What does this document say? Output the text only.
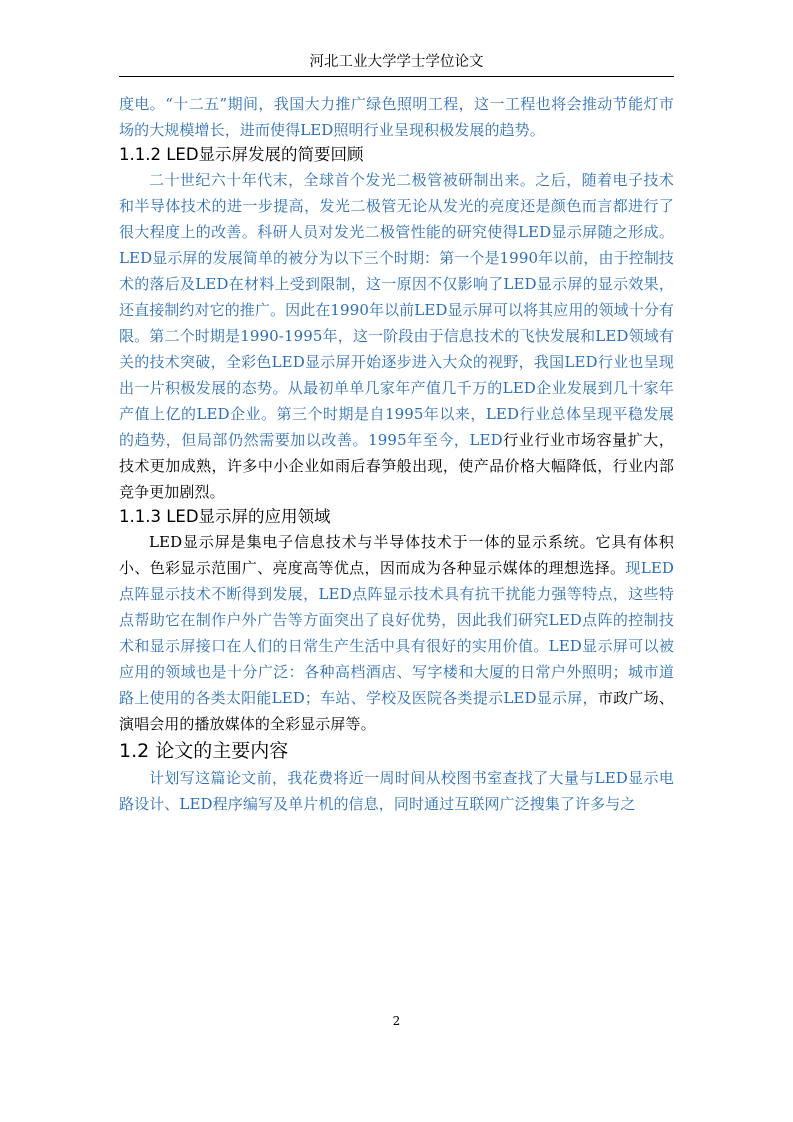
河北工业大学学士学位论文

度电。“十二五”期间，我国大力推广绿色照明工程，这一工程也将会推动节能灯市场的大规模增长，进而使得LED照明行业呈现积极发展的趋势。

1.1.2 LED显示屏发展的简要回顾

二十世纪六十年代末，全球首个发光二极管被研制出来。之后，随着电子技术和半导体技术的进一步提高，发光二极管无论从发光的亮度还是颜色而言都进行了很大程度上的改善。科研人员对发光二极管性能的研究使得LED显示屏随之形成。LED显示屏的发展简单的被分为以下三个时期：第一个是1990年以前，由于控制技术的落后及LED在材料上受到限制，这一原因不仅影响了LED显示屏的显示效果，还直接制约对它的推广。因此在1990年以前LED显示屏可以将其应用的领域十分有限。第二个时期是1990-1995年，这一阶段由于信息技术的飞快发展和LED领域有关的技术突破，全彩色LED显示屏开始逐步进入大众的视野，我国LED行业也呈现出一片积极发展的态势。从最初单单几家年产值几千万的LED企业发展到几十家年产值上亿的LED企业。第三个时期是自1995年以来，LED行业总体呈现平稳发展的趋势，但局部仍然需要加以改善。1995年至今，LED行业行业市场容量扩大，技术更加成熟，许多中小企业如雨后春笋般出现，使产品价格大幅降低，行业内部竞争更加剧烈。

1.1.3 LED显示屏的应用领域

LED显示屏是集电子信息技术与半导体技术于一体的显示系统。它具有体积小、色彩显示范围广、亮度高等优点，因而成为各种显示媒体的理想选择。现LED点阵显示技术不断得到发展，LED点阵显示技术具有抗干扰能力强等特点，这些特点帮助它在制作户外广告等方面突出了良好优势，因此我们研究LED点阵的控制技术和显示屏接口在人们的日常生产生活中具有很好的实用价值。LED显示屏可以被应用的领域也是十分广泛：各种高档酒店、写字楼和大厦的日常户外照明；城市道路上使用的各类太阳能LED；车站、学校及医院各类提示LED显示屏，市政广场、演唱会用的播放媒体的全彩显示屏等。

1.2 论文的主要内容

计划写这篇论文前，我花费将近一周时间从校图书室查找了大量与LED显示电路设计、LED程序编写及单片机的信息，同时通过互联网广泛搜集了许多与之

2
